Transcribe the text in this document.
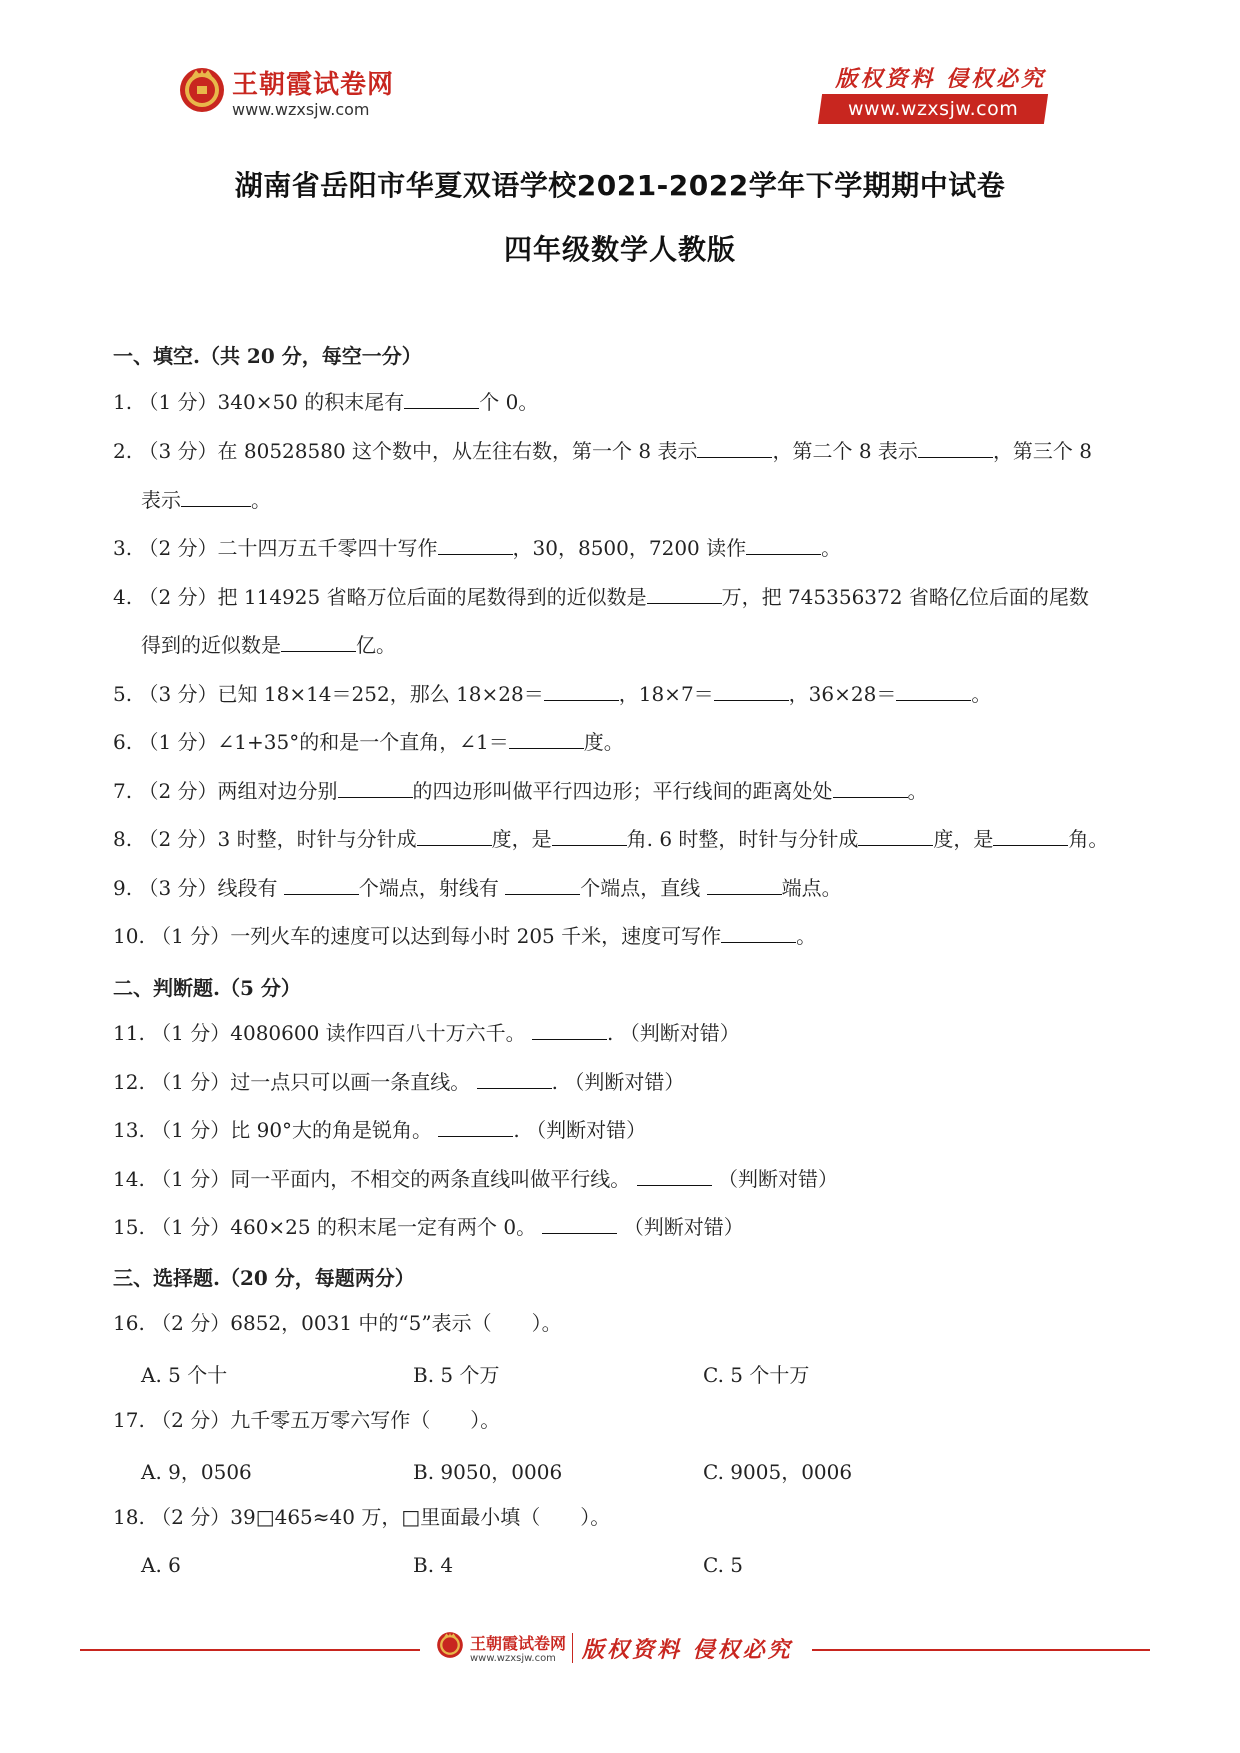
王朝霞试卷网
www.wzxsjw.com
版权资料 侵权必究
www.wzxsjw.com
湖南省岳阳市华夏双语学校2021-2022学年下学期期中试卷
四年级数学人教版
一、填空.（共 20 分，每空一分）
1. （1 分）340×50 的积末尾有	个 0。
2. （3 分）在 80528580 这个数中，从左往右数，第一个 8 表示	，第二个 8 表示	，第三个 8
表示	。
3. （2 分）二十四万五千零四十写作	，30，8500，7200 读作	。
4. （2 分）把 114925 省略万位后面的尾数得到的近似数是	万，把 745356372 省略亿位后面的尾数
得到的近似数是	亿。
5. （3 分）已知 18×14＝252，那么 18×28＝	，18×7＝	，36×28＝	。
6. （1 分）∠1+35°的和是一个直角，∠1＝	度。
7. （2 分）两组对边分别	的四边形叫做平行四边形；平行线间的距离处处	。
8. （2 分）3 时整，时针与分针成	度，是	角. 6 时整，时针与分针成	度，是	角。
9. （3 分）线段有	个端点，射线有	个端点，直线	端点。
10. （1 分）一列火车的速度可以达到每小时 205 千米，速度可写作	。
二、判断题.（5 分）
11. （1 分）4080600 读作四百八十万六千。	. （判断对错）
12. （1 分）过一点只可以画一条直线。	. （判断对错）
13. （1 分）比 90°大的角是锐角。	. （判断对错）
14. （1 分）同一平面内，不相交的两条直线叫做平行线。	（判断对错）
15. （1 分）460×25 的积末尾一定有两个 0。	（判断对错）
三、选择题.（20 分，每题两分）
16. （2 分）6852，0031 中的“5”表示（　　）。
A. 5 个十	B. 5 个万	C. 5 个十万
17. （2 分）九千零五万零六写作（　　）。
A. 9，0506	B. 9050，0006	C. 9005，0006
18. （2 分）39□465≈40 万，□里面最小填（　　）。
A. 6	B. 4	C. 5
王朝霞试卷网
www.wzxsjw.com 版权资料 侵权必究
